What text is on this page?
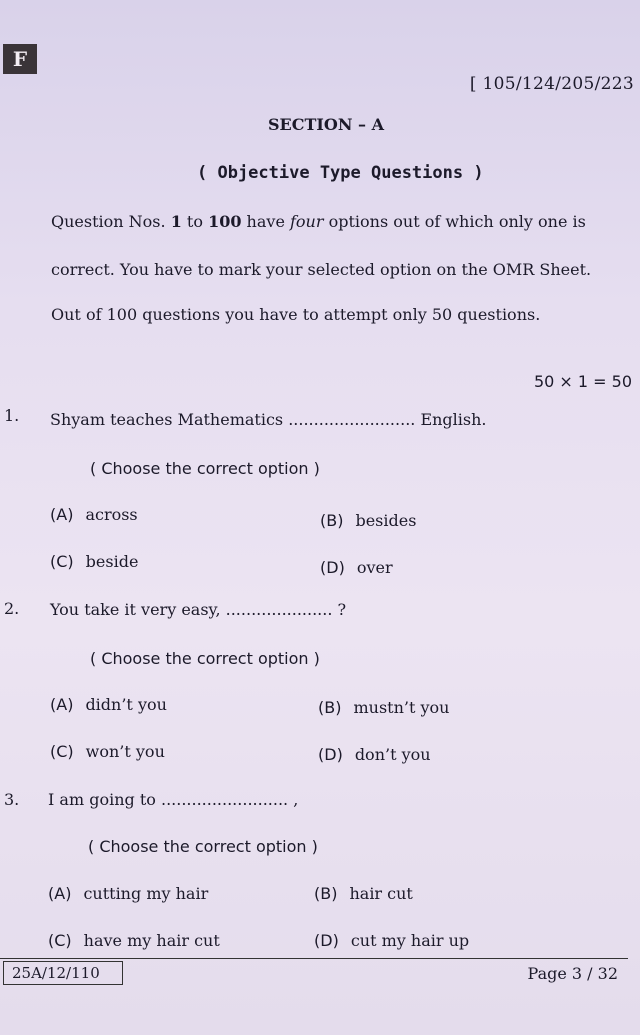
F
[ 105/124/205/223
SECTION – A
( Objective Type Questions )
Question Nos. 1 to 100 have four options out of which only one is
correct. You have to mark your selected option on the OMR Sheet.
Out of 100 questions you have to attempt only 50 questions.
50 × 1 = 50
1. Shyam teaches Mathematics ......................... English.
( Choose the correct option )
(A) across	(B) besides
(C) beside	(D) over
2. You take it very easy, ..................... ?
( Choose the correct option )
(A) didn’t you	(B) mustn’t you
(C) won’t you	(D) don’t you
3. I am going to ......................... ,
( Choose the correct option )
(A) cutting my hair	(B) hair cut
(C) have my hair cut	(D) cut my hair up
25A/12/110	Page 3 / 32
